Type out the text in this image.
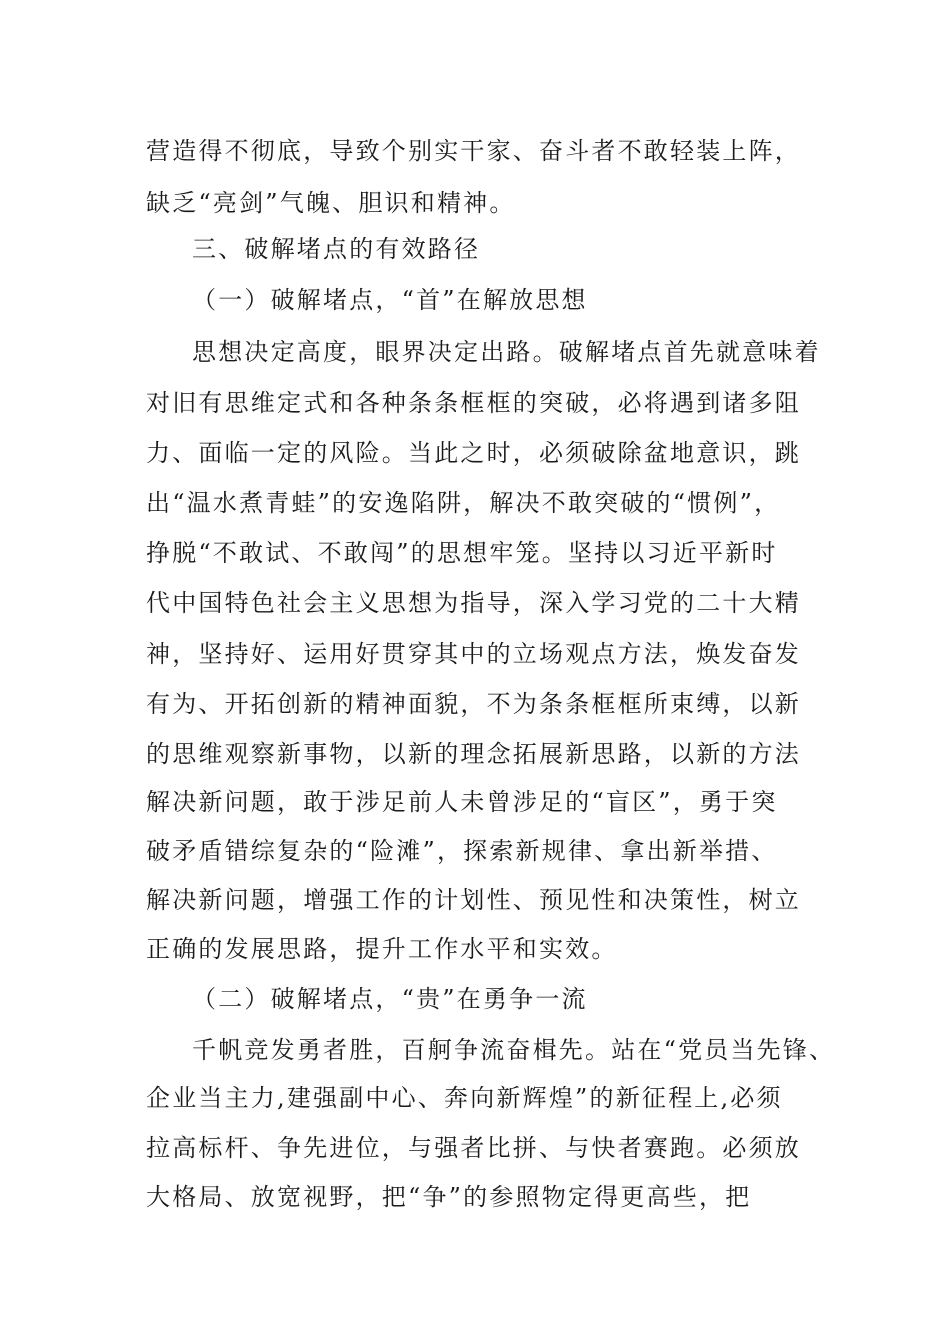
营造得不彻底，导致个别实干家、奋斗者不敢轻装上阵，
缺乏“亮剑”气魄、胆识和精神。
三、破解堵点的有效路径
（一）破解堵点，“首”在解放思想
思想决定高度，眼界决定出路。破解堵点首先就意味着
对旧有思维定式和各种条条框框的突破，必将遇到诸多阻
力、面临一定的风险。当此之时，必须破除盆地意识，跳
出“温水煮青蛙”的安逸陷阱，解决不敢突破的“惯例”，
挣脱“不敢试、不敢闯”的思想牢笼。坚持以习近平新时
代中国特色社会主义思想为指导，深入学习党的二十大精
神，坚持好、运用好贯穿其中的立场观点方法，焕发奋发
有为、开拓创新的精神面貌，不为条条框框所束缚，以新
的思维观察新事物，以新的理念拓展新思路，以新的方法
解决新问题，敢于涉足前人未曾涉足的“盲区”，勇于突
破矛盾错综复杂的“险滩”，探索新规律、拿出新举措、
解决新问题，增强工作的计划性、预见性和决策性，树立
正确的发展思路，提升工作水平和实效。
（二）破解堵点，“贵”在勇争一流
千帆竞发勇者胜，百舸争流奋楫先。站在“党员当先锋、
企业当主力,建强副中心、奔向新辉煌”的新征程上,必须
拉高标杆、争先进位，与强者比拼、与快者赛跑。必须放
大格局、放宽视野，把“争”的参照物定得更高些，把
